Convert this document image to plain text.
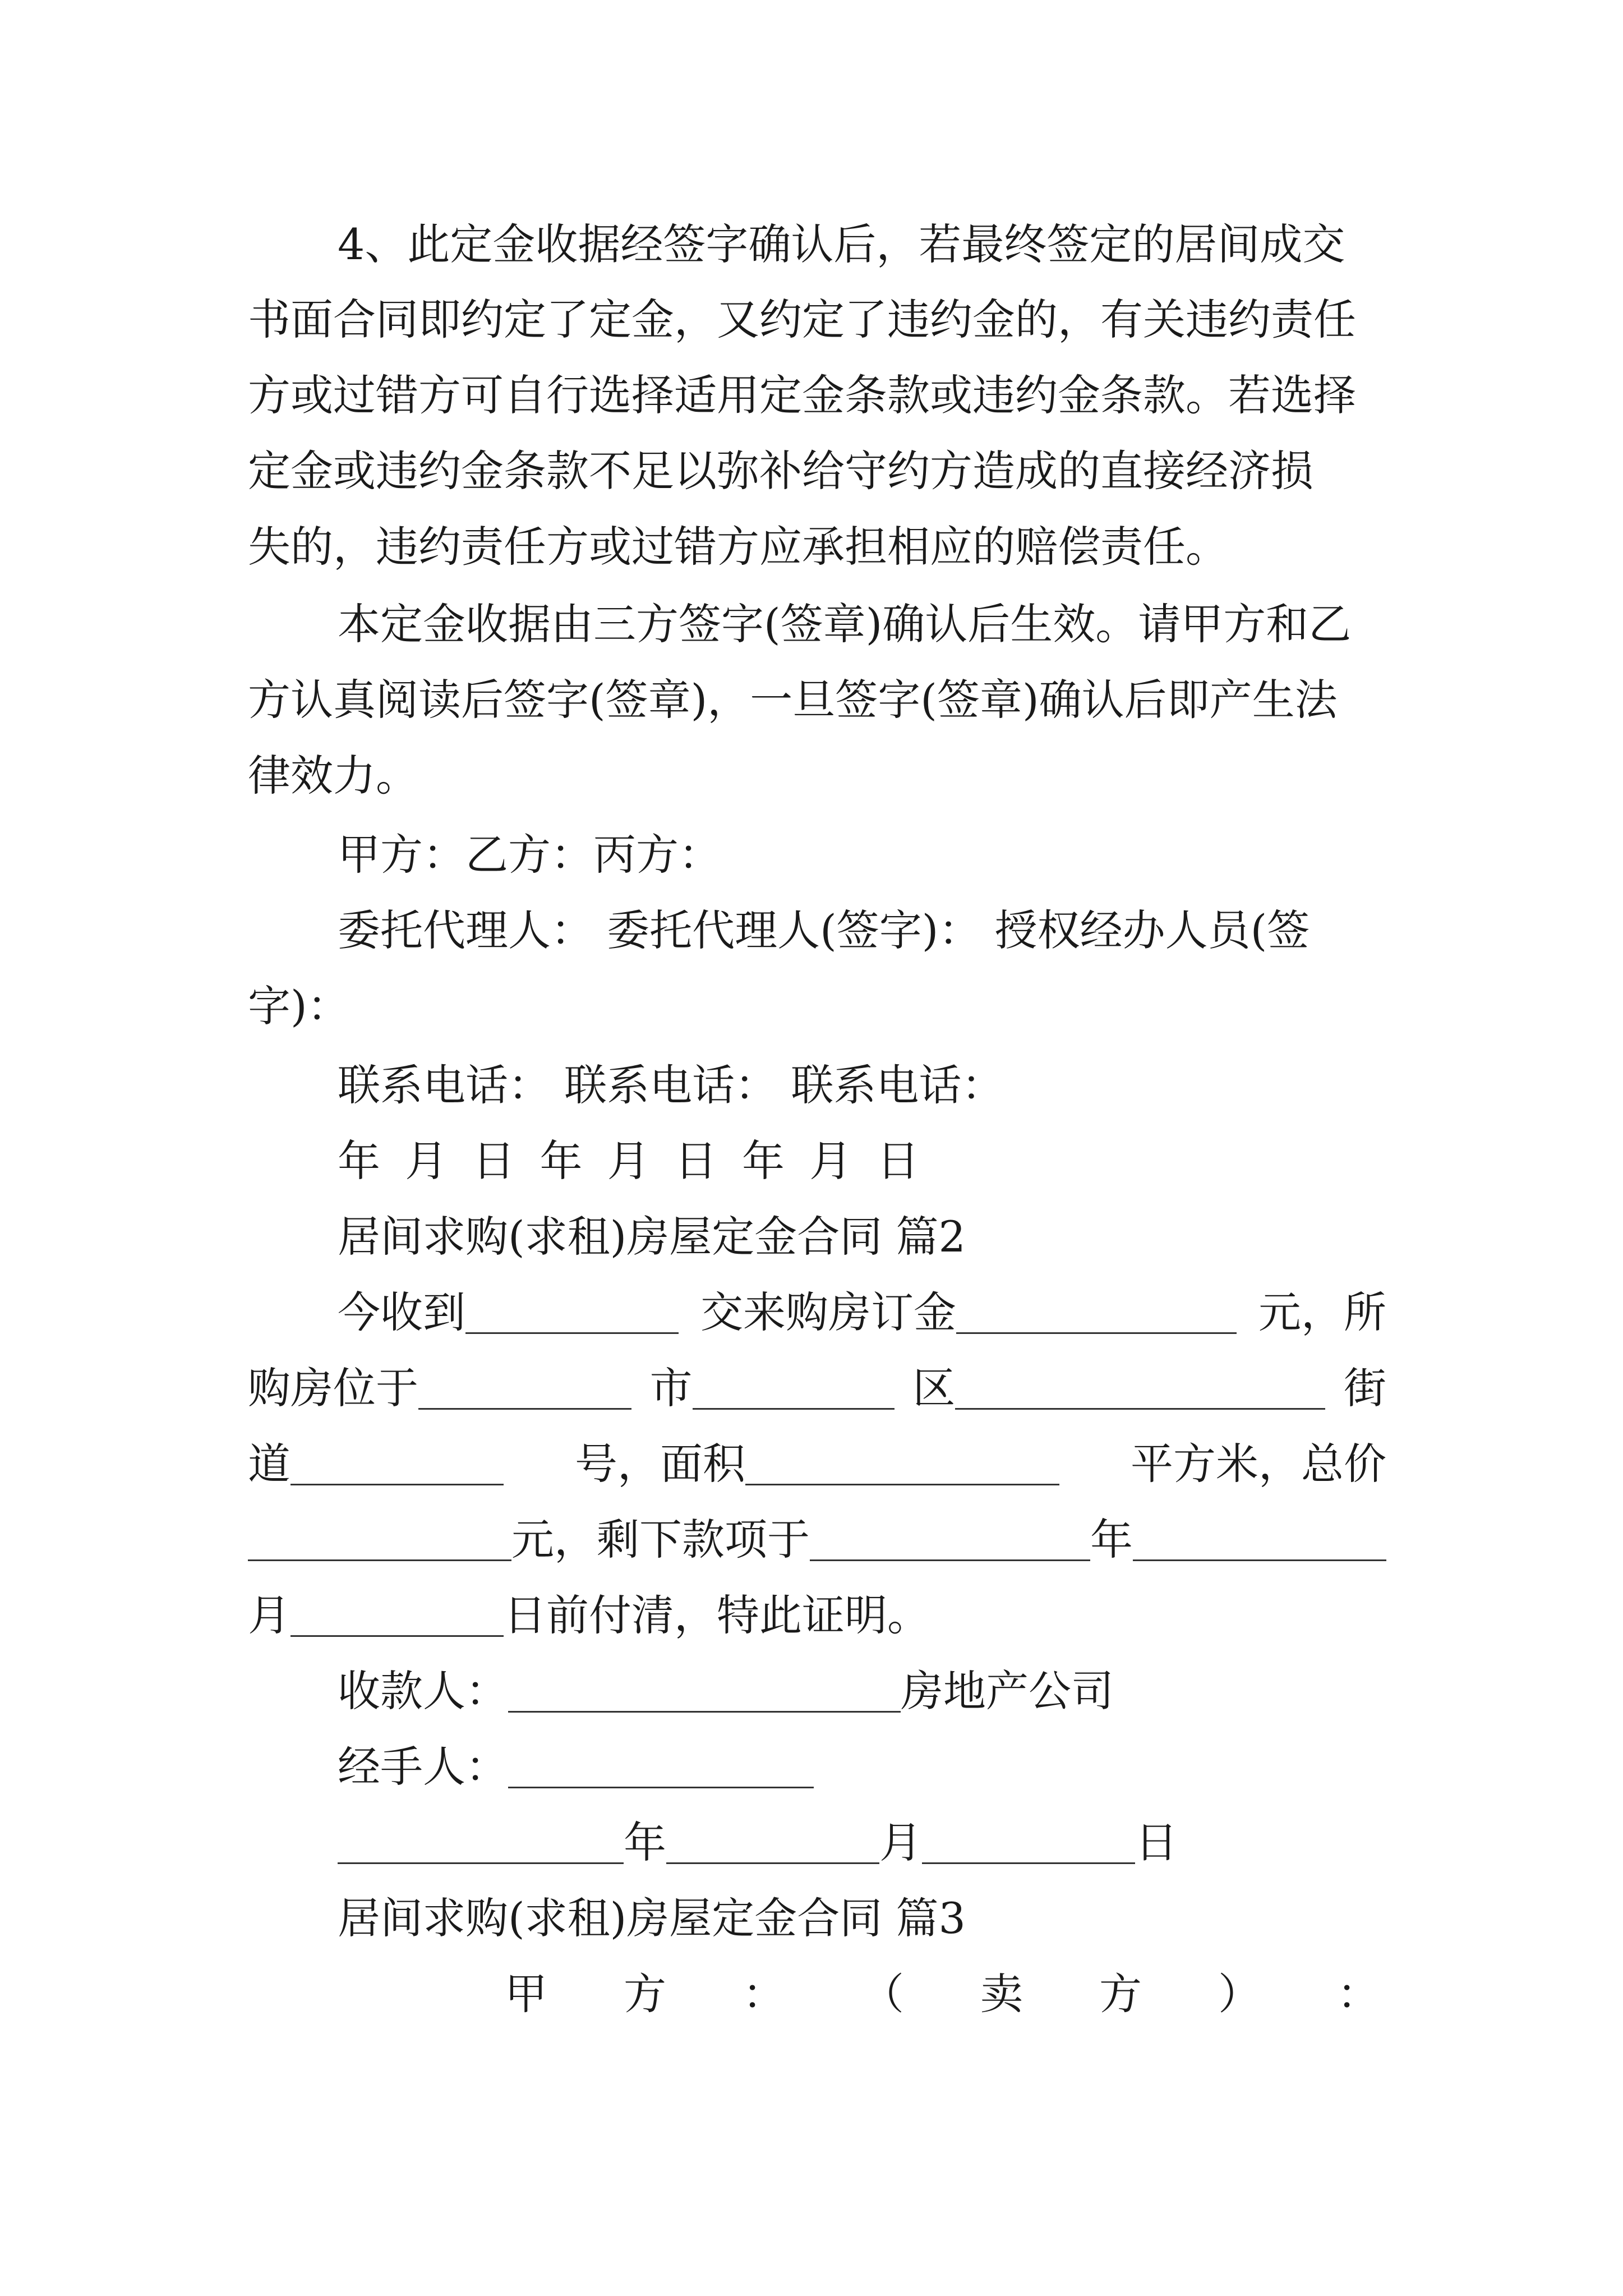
4、此定金收据经签字确认后，若最终签定的居间成交
书面合同即约定了定金，又约定了违约金的，有关违约责任
方或过错方可自行选择适用定金条款或违约金条款。若选择
定金或违约金条款不足以弥补给守约方造成的直接经济损
失的，违约责任方或过错方应承担相应的赔偿责任。
本定金收据由三方签字(签章)确认后生效。请甲方和乙
方认真阅读后签字(签章)，一旦签字(签章)确认后即产生法
律效力。
甲方：乙方：丙方：
委托代理人： 委托代理人(签字)： 授权经办人员(签
字)：
联系电话： 联系电话： 联系电话：
年 月 日 年 月 日 年 月 日
居间求购(求租)房屋定金合同 篇2
今收到	交来购房订金	元，所
购房位于	市	区	街
道	号，面积	平方米，总价
元，剩下款项于	年
月	日前付清，特此证明。
收款人：	房地产公司
经手人：
年	月	日
居间求购(求租)房屋定金合同 篇3
甲 方 ： （ 卖 方 ） ：
